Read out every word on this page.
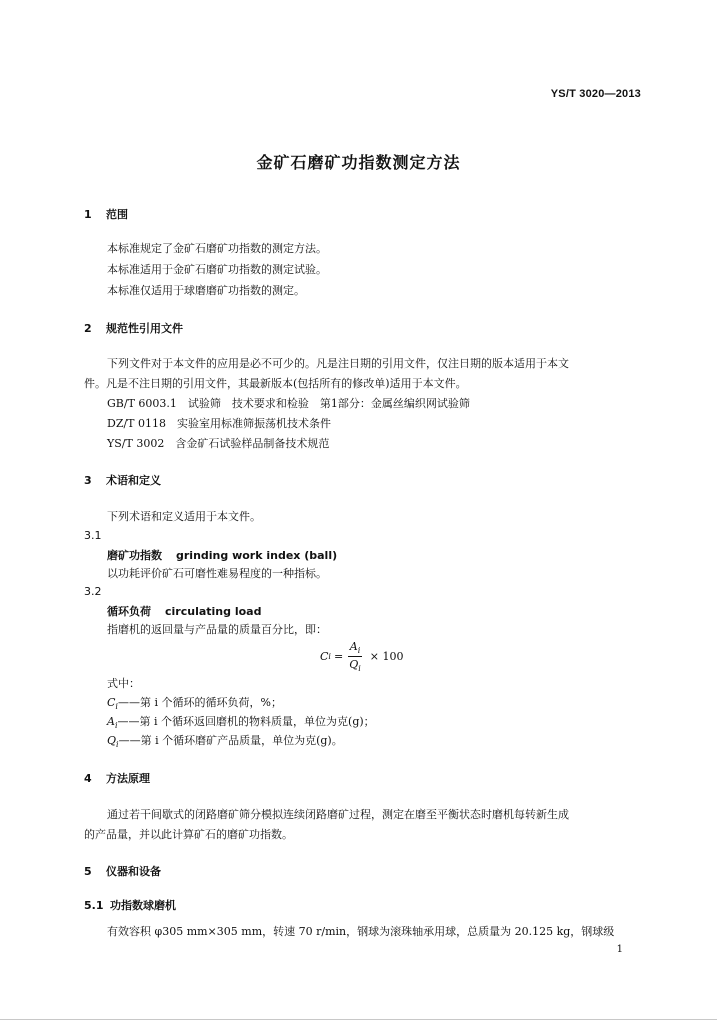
YS/T 3020—2013
金矿石磨矿功指数测定方法
1 范围
本标准规定了金矿石磨矿功指数的测定方法。
本标准适用于金矿石磨矿功指数的测定试验。
本标准仅适用于球磨磨矿功指数的测定。
2 规范性引用文件
下列文件对于本文件的应用是必不可少的。凡是注日期的引用文件，仅注日期的版本适用于本文
件。凡是不注日期的引用文件，其最新版本(包括所有的修改单)适用于本文件。
GB/T 6003.1　试验筛　技术要求和检验　第1部分：金属丝编织网试验筛
DZ/T 0118　实验室用标准筛振荡机技术条件
YS/T 3002　含金矿石试验样品制备技术规范
3 术语和定义
下列术语和定义适用于本文件。
3.1
磨矿功指数 grinding work index (ball)
以功耗评价矿石可磨性难易程度的一种指标。
3.2
循环负荷 circulating load
指磨机的返回量与产品量的质量百分比，即：
C $i = \frac{A_i}{Q_i} \times 100$
式中：
$C_i——$第 i 个循环的循环负荷，%；
$A_i——$第 i 个循环返回磨机的物料质量，单位为克(g)；
$Q_i——$第 i 个循环磨矿产品质量，单位为克(g)。
4 方法原理
通过若干间歇式的闭路磨矿筛分模拟连续闭路磨矿过程，测定在磨至平衡状态时磨机每转新生成
的产品量，并以此计算矿石的磨矿功指数。
5 仪器和设备
5.1 功指数球磨机
有效容积 φ305 mm×305 mm，转速 70 r/min，钢球为滚珠轴承用球，总质量为 20.125 kg，钢球级
1
